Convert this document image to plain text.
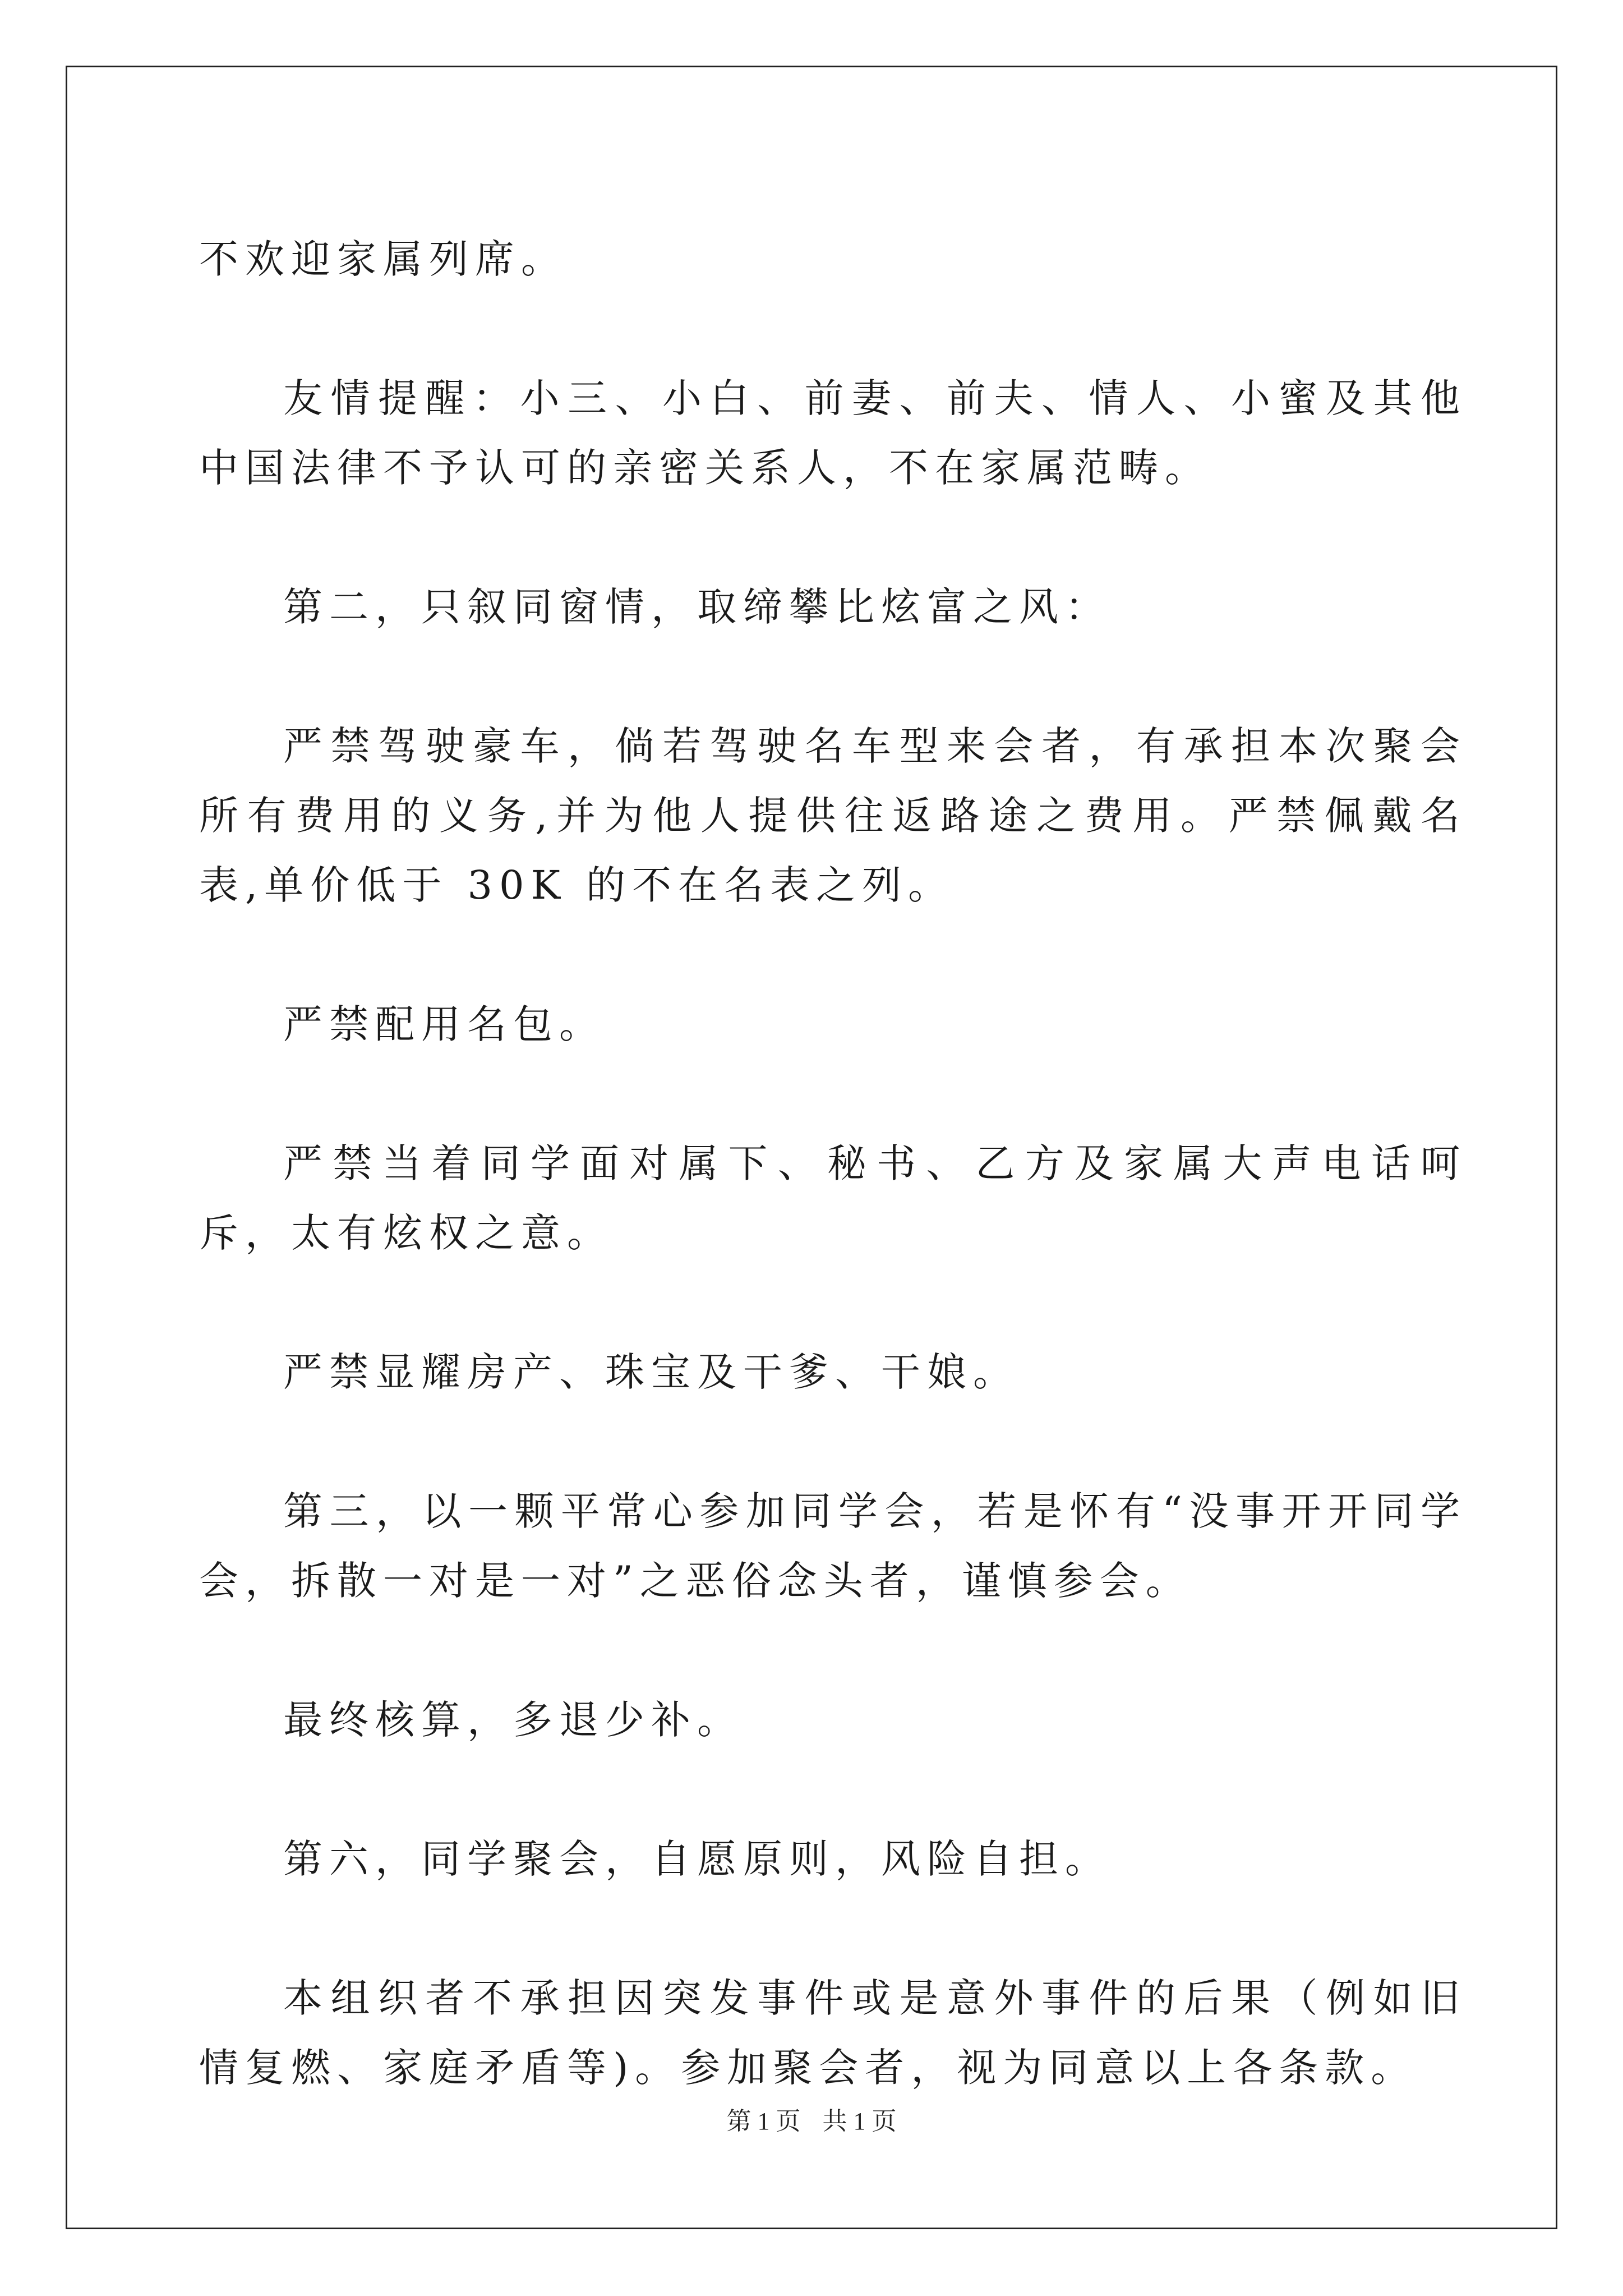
不欢迎家属列席。

友情提醒：小三、小白、前妻、前夫、情人、小蜜及其他中国法律不予认可的亲密关系人，不在家属范畴。

第二，只叙同窗情，取缔攀比炫富之风：

严禁驾驶豪车，倘若驾驶名车型来会者，有承担本次聚会所有费用的义务,并为他人提供往返路途之费用。严禁佩戴名表,单价低于 30K 的不在名表之列。

严禁配用名包。

严禁当着同学面对属下、秘书、乙方及家属大声电话呵斥，太有炫权之意。

严禁显耀房产、珠宝及干爹、干娘。

第三，以一颗平常心参加同学会，若是怀有“没事开开同学会，拆散一对是一对”之恶俗念头者，谨慎参会。

最终核算，多退少补。

第六，同学聚会，自愿原则，风险自担。

本组织者不承担因突发事件或是意外事件的后果（例如旧情复燃、家庭矛盾等)。参加聚会者，视为同意以上各条款。

第 1 页 共 1 页
